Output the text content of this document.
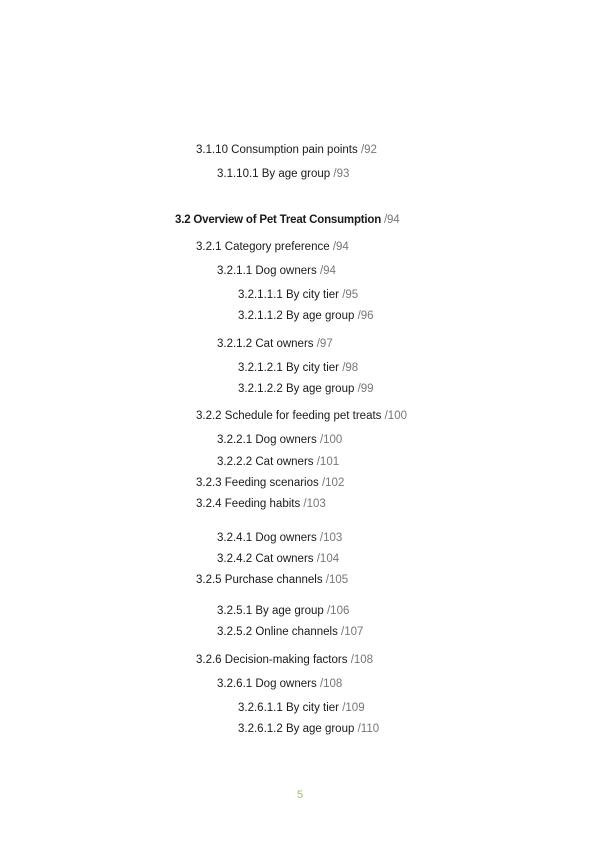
3.1.10 Consumption pain points /92
3.1.10.1 By age group /93
3.2 Overview of Pet Treat Consumption /94
3.2.1 Category preference /94
3.2.1.1 Dog owners /94
3.2.1.1.1 By city tier /95
3.2.1.1.2 By age group /96
3.2.1.2 Cat owners /97
3.2.1.2.1 By city tier /98
3.2.1.2.2 By age group /99
3.2.2 Schedule for feeding pet treats /100
3.2.2.1 Dog owners /100
3.2.2.2 Cat owners /101
3.2.3 Feeding scenarios /102
3.2.4 Feeding habits /103
3.2.4.1 Dog owners /103
3.2.4.2 Cat owners /104
3.2.5 Purchase channels /105
3.2.5.1 By age group /106
3.2.5.2 Online channels /107
3.2.6 Decision-making factors /108
3.2.6.1 Dog owners /108
3.2.6.1.1 By city tier /109
3.2.6.1.2 By age group /110
5
